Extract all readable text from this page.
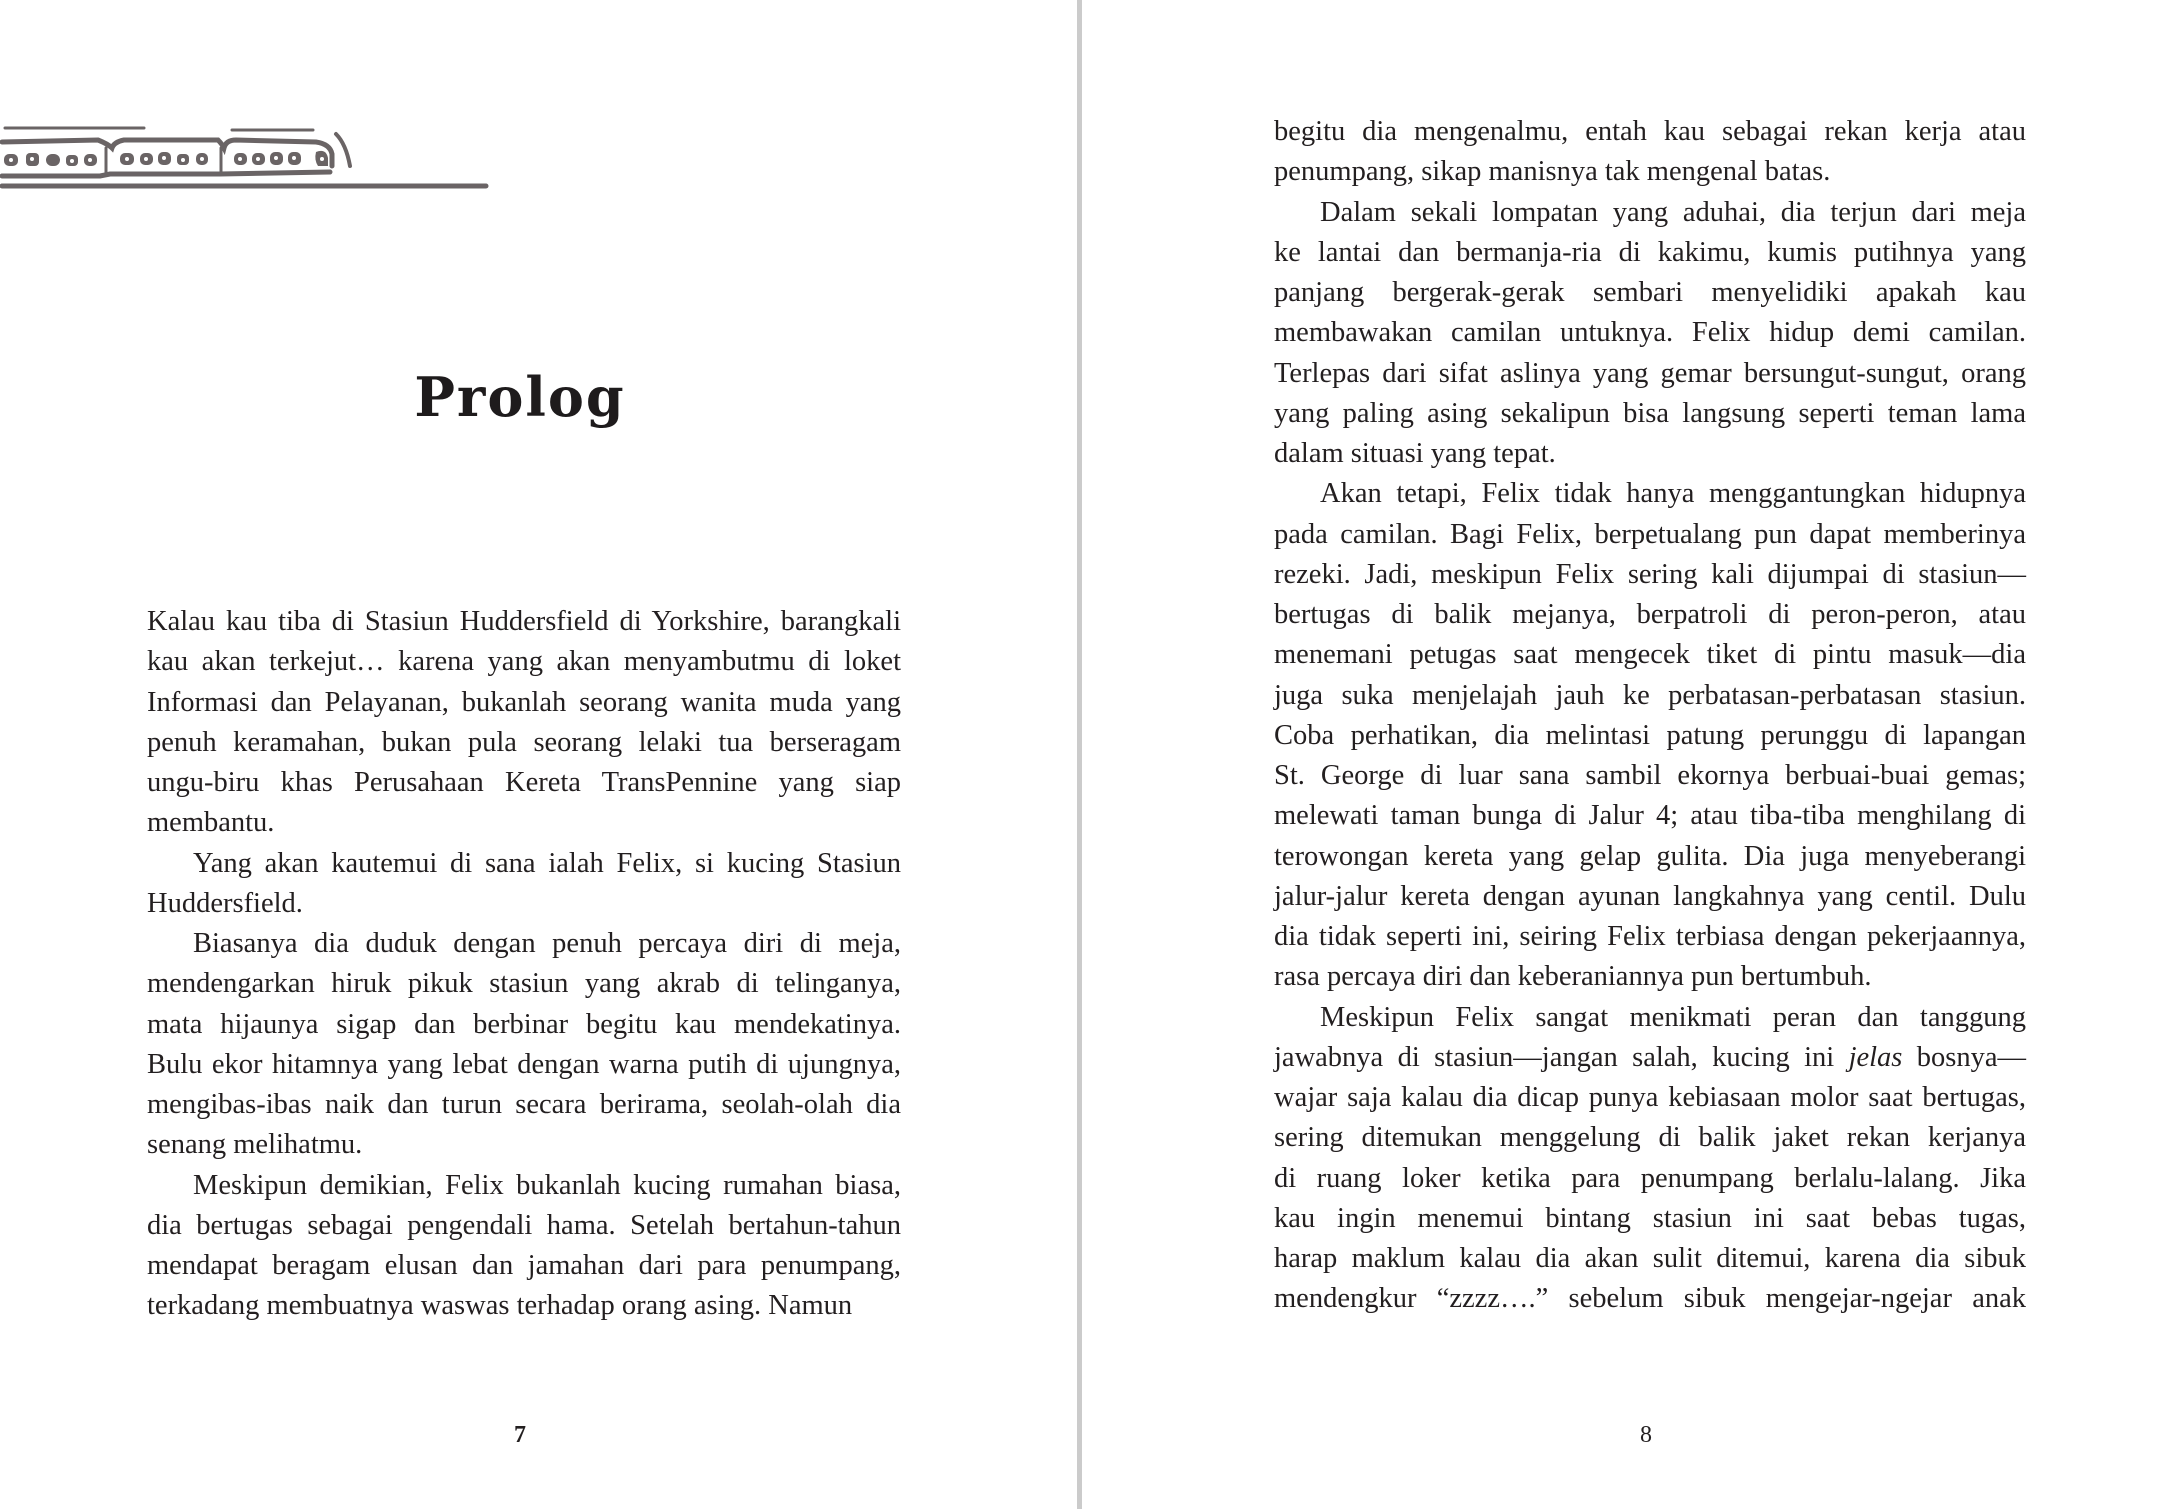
Prolog
Kalau kau tiba di Stasiun Huddersfield di Yorkshire, barangkali
kau akan terkejut… karena yang akan menyambutmu di loket
Informasi dan Pelayanan, bukanlah seorang wanita muda yang
penuh keramahan, bukan pula seorang lelaki tua berseragam
ungu-biru khas Perusahaan Kereta TransPennine yang siap
membantu.
Yang akan kautemui di sana ialah Felix, si kucing Stasiun
Huddersfield.
Biasanya dia duduk dengan penuh percaya diri di meja,
mendengarkan hiruk pikuk stasiun yang akrab di telinganya,
mata hijaunya sigap dan berbinar begitu kau mendekatinya.
Bulu ekor hitamnya yang lebat dengan warna putih di ujungnya,
mengibas-ibas naik dan turun secara berirama, seolah-olah dia
senang melihatmu.
Meskipun demikian, Felix bukanlah kucing rumahan biasa,
dia bertugas sebagai pengendali hama. Setelah bertahun-tahun
mendapat beragam elusan dan jamahan dari para penumpang,
terkadang membuatnya waswas terhadap orang asing. Namun
7
begitu dia mengenalmu, entah kau sebagai rekan kerja atau
penumpang, sikap manisnya tak mengenal batas.
Dalam sekali lompatan yang aduhai, dia terjun dari meja
ke lantai dan bermanja-ria di kakimu, kumis putihnya yang
panjang bergerak-gerak sembari menyelidiki apakah kau
membawakan camilan untuknya. Felix hidup demi camilan.
Terlepas dari sifat aslinya yang gemar bersungut-sungut, orang
yang paling asing sekalipun bisa langsung seperti teman lama
dalam situasi yang tepat.
Akan tetapi, Felix tidak hanya menggantungkan hidupnya
pada camilan. Bagi Felix, berpetualang pun dapat memberinya
rezeki. Jadi, meskipun Felix sering kali dijumpai di stasiun—
bertugas di balik mejanya, berpatroli di peron-peron, atau
menemani petugas saat mengecek tiket di pintu masuk—dia
juga suka menjelajah jauh ke perbatasan-perbatasan stasiun.
Coba perhatikan, dia melintasi patung perunggu di lapangan
St. George di luar sana sambil ekornya berbuai-buai gemas;
melewati taman bunga di Jalur 4; atau tiba-tiba menghilang di
terowongan kereta yang gelap gulita. Dia juga menyeberangi
jalur-jalur kereta dengan ayunan langkahnya yang centil. Dulu
dia tidak seperti ini, seiring Felix terbiasa dengan pekerjaannya,
rasa percaya diri dan keberaniannya pun bertumbuh.
Meskipun Felix sangat menikmati peran dan tanggung
jawabnya di stasiun—jangan salah, kucing ini jelas bosnya—
wajar saja kalau dia dicap punya kebiasaan molor saat bertugas,
sering ditemukan menggelung di balik jaket rekan kerjanya
di ruang loker ketika para penumpang berlalu-lalang. Jika
kau ingin menemui bintang stasiun ini saat bebas tugas,
harap maklum kalau dia akan sulit ditemui, karena dia sibuk
mendengkur “zzzz….” sebelum sibuk mengejar-ngejar anak
8
